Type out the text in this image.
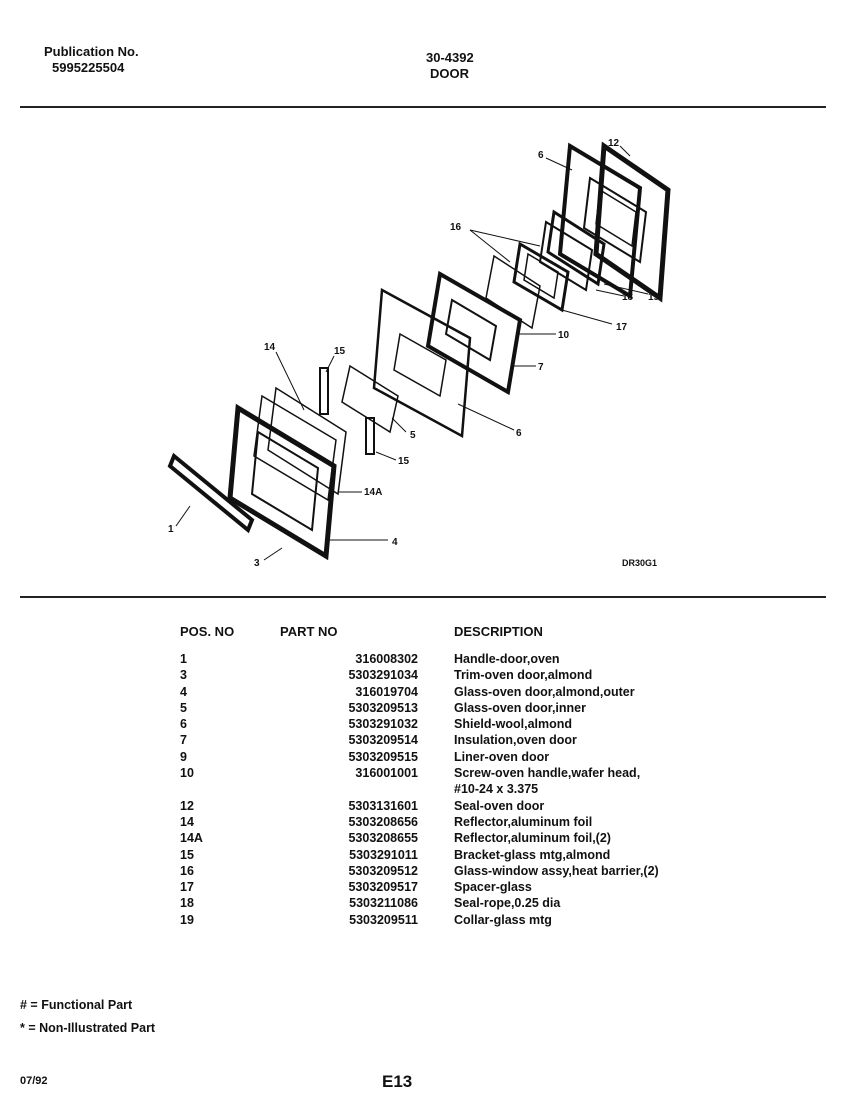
Publication No.
5995225504
30-4392
DOOR
6
12
16
18 19
17
10
7
6
5
15
15
14
14A
4
3
1
DR30G1
POS. NO	PART NO	DESCRIPTION
1	316008302	Handle-door,oven
3	5303291034	Trim-oven door,almond
4	316019704	Glass-oven door,almond,outer
5	5303209513	Glass-oven door,inner
6	5303291032	Shield-wool,almond
7	5303209514	Insulation,oven door
9	5303209515	Liner-oven door
10	316001001	Screw-oven handle,wafer head,
		#10-24 x 3.375
12	5303131601	Seal-oven door
14	5303208656	Reflector,aluminum foil
14A	5303208655	Reflector,aluminum foil,(2)
15	5303291011	Bracket-glass mtg,almond
16	5303209512	Glass-window assy,heat barrier,(2)
17	5303209517	Spacer-glass
18	5303211086	Seal-rope,0.25 dia
19	5303209511	Collar-glass mtg
# = Functional Part
* = Non-Illustrated Part
07/92	E13
